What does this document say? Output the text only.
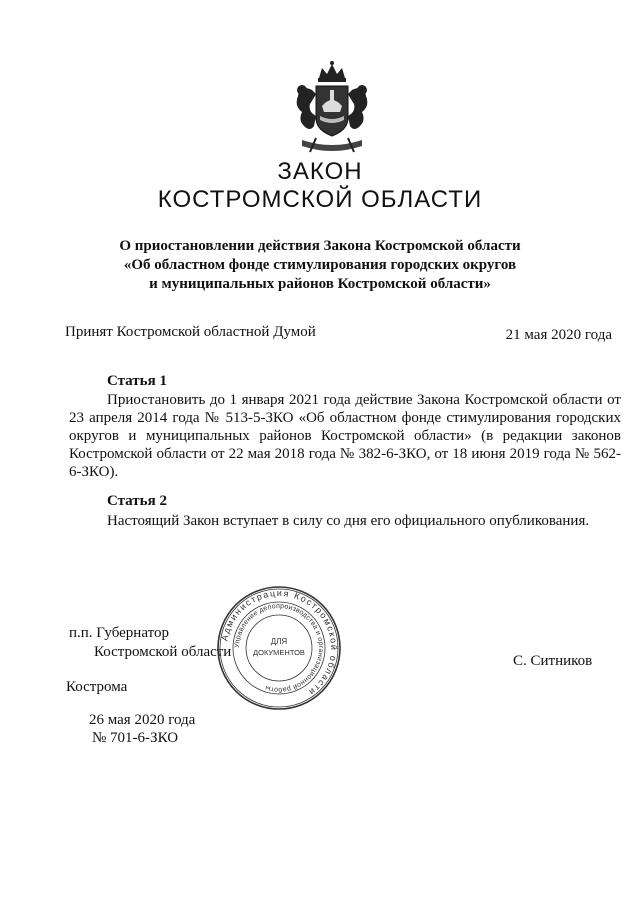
ЗАКОН
КОСТРОМСКОЙ ОБЛАСТИ
О приостановлении действия Закона Костромской области
«Об областном фонде стимулирования городских округов
и муниципальных районов Костромской области»
Принят Костромской областной Думой	21 мая 2020 года
Статья 1
Приостановить до 1 января 2021 года действие Закона Костромской области от 23 апреля 2014 года № 513-5-ЗКО «Об областном фонде стимулирования городских округов и муниципальных районов Костромской области» (в редакции законов Костромской области от 22 мая 2018 года № 382-6-ЗКО, от 18 июня 2019 года № 562-6-ЗКО).
Статья 2
Настоящий Закон вступает в силу со дня его официального опубликования.
п.п. Губернатор
Костромской области
С. Ситников
Кострома
26 мая 2020 года
№ 701-6-ЗКО
Администрация Костромской области
Управление делопроизводства и организационной работы
ДЛЯ
ДОКУМЕНТОВ
